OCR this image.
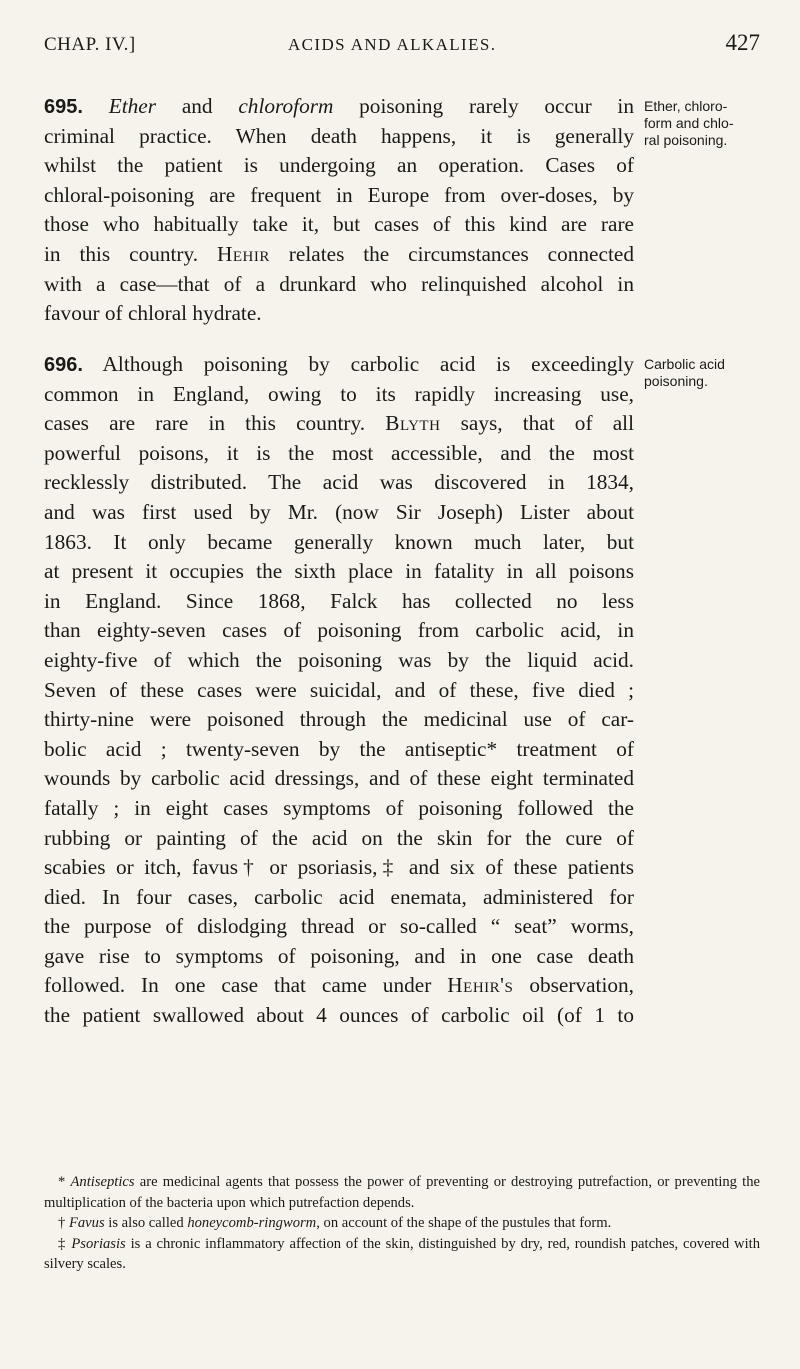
CHAP. IV.]	ACIDS AND ALKALIES.	427
695. Ether and chloroform poisoning rarely occur in
criminal practice. When death happens, it is generally
whilst the patient is undergoing an operation. Cases of
chloral-poisoning are frequent in Europe from over-doses, by
those who habitually take it, but cases of this kind are rare
in this country. Hehir relates the circumstances connected
with a case—that of a drunkard who relinquished alcohol in
favour of chloral hydrate.
Ether, chloro-
form and chlo-
ral poisoning.
696. Although poisoning by carbolic acid is exceedingly
common in England, owing to its rapidly increasing use,
cases are rare in this country. Blyth says, that of all
powerful poisons, it is the most accessible, and the most
recklessly distributed. The acid was discovered in 1834,
and was first used by Mr. (now Sir Joseph) Lister about
1863. It only became generally known much later, but
at present it occupies the sixth place in fatality in all poisons
in England. Since 1868, Falck has collected no less
than eighty-seven cases of poisoning from carbolic acid, in
eighty-five of which the poisoning was by the liquid acid.
Seven of these cases were suicidal, and of these, five died ;
thirty-nine were poisoned through the medicinal use of car-
bolic acid ; twenty-seven by the antiseptic* treatment of
wounds by carbolic acid dressings, and of these eight terminated
fatally ; in eight cases symptoms of poisoning followed the
rubbing or painting of the acid on the skin for the cure of
scabies or itch, favus† or psoriasis,‡ and six of these patients
died. In four cases, carbolic acid enemata, administered for
the purpose of dislodging thread or so-called “ seat” worms,
gave rise to symptoms of poisoning, and in one case death
followed. In one case that came under Hehir's observation,
the patient swallowed about 4 ounces of carbolic oil (of 1 to
Carbolic acid
poisoning.
* Antiseptics are medicinal agents that possess the power of preventing or destroying putrefaction, or preventing the multiplication of the bacteria upon which putrefaction depends.
† Favus is also called honeycomb-ringworm, on account of the shape of the pustules that form.
‡ Psoriasis is a chronic inflammatory affection of the skin, distinguished by dry, red, roundish patches, covered with silvery scales.
